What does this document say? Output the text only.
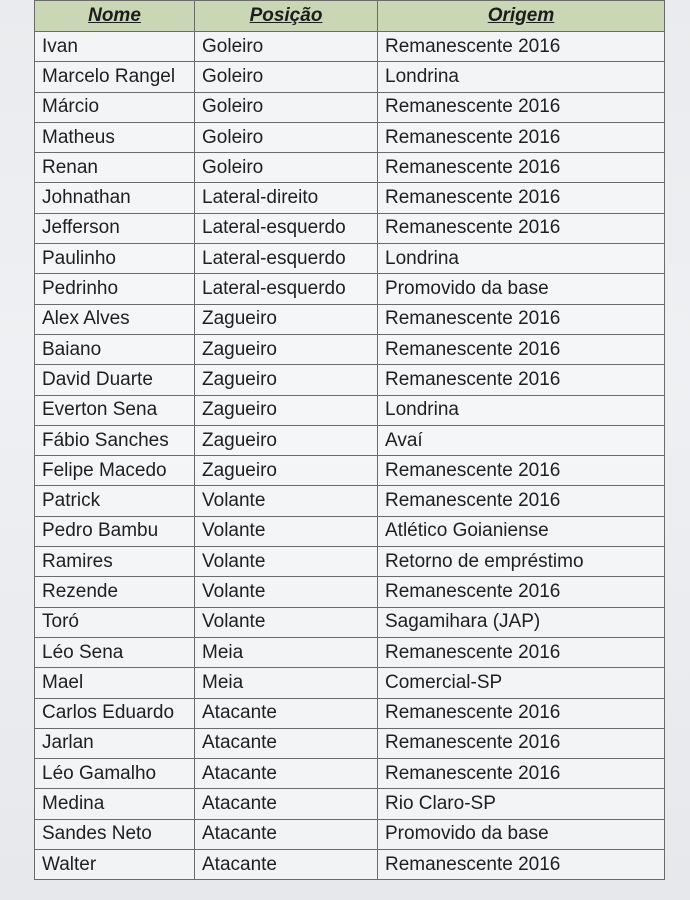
Nome	Posição	Origem
Ivan	Goleiro	Remanescente 2016
Marcelo Rangel	Goleiro	Londrina
Márcio	Goleiro	Remanescente 2016
Matheus	Goleiro	Remanescente 2016
Renan	Goleiro	Remanescente 2016
Johnathan	Lateral-direito	Remanescente 2016
Jefferson	Lateral-esquerdo	Remanescente 2016
Paulinho	Lateral-esquerdo	Londrina
Pedrinho	Lateral-esquerdo	Promovido da base
Alex Alves	Zagueiro	Remanescente 2016
Baiano	Zagueiro	Remanescente 2016
David Duarte	Zagueiro	Remanescente 2016
Everton Sena	Zagueiro	Londrina
Fábio Sanches	Zagueiro	Avaí
Felipe Macedo	Zagueiro	Remanescente 2016
Patrick	Volante	Remanescente 2016
Pedro Bambu	Volante	Atlético Goianiense
Ramires	Volante	Retorno de empréstimo
Rezende	Volante	Remanescente 2016
Toró	Volante	Sagamihara (JAP)
Léo Sena	Meia	Remanescente 2016
Mael	Meia	Comercial-SP
Carlos Eduardo	Atacante	Remanescente 2016
Jarlan	Atacante	Remanescente 2016
Léo Gamalho	Atacante	Remanescente 2016
Medina	Atacante	Rio Claro-SP
Sandes Neto	Atacante	Promovido da base
Walter	Atacante	Remanescente 2016
